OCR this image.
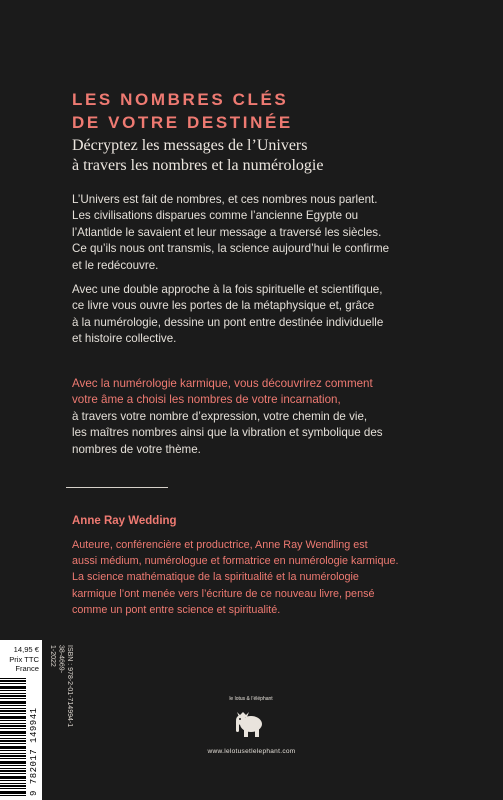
LES NOMBRES CLÉS
DE VOTRE DESTINÉE
Décryptez les messages de l’Univers
à travers les nombres et la numérologie
L’Univers est fait de nombres, et ces nombres nous parlent.
Les civilisations disparues comme l’ancienne Egypte ou
l’Atlantide le savaient et leur message a traversé les siècles.
Ce qu’ils nous ont transmis, la science aujourd’hui le confirme
et le redécouvre.
Avec une double approche à la fois spirituelle et scientifique,
ce livre vous ouvre les portes de la métaphysique et, grâce
à la numérologie, dessine un pont entre destinée individuelle
et histoire collective.
Avec la numérologie karmique, vous découvrirez comment
votre âme a choisi les nombres de votre incarnation,
à travers votre nombre d’expression, votre chemin de vie,
les maîtres nombres ainsi que la vibration et symbolique des
nombres de votre thème.
Anne Ray Wedding
Auteure, conférencière et productrice, Anne Ray Wendling est
aussi médium, numérologue et formatrice en numérologie karmique.
La science mathématique de la spiritualité et la numérologie
karmique l’ont menée vers l’écriture de ce nouveau livre, pensé
comme un pont entre science et spiritualité.
14,95 €
Prix TTC
France
9 782017 149941
ISBN : 978-2-01-714994-1
38-4669-
1-2022
le lotus & l’éléphant
www.lelotusetlelephant.com
